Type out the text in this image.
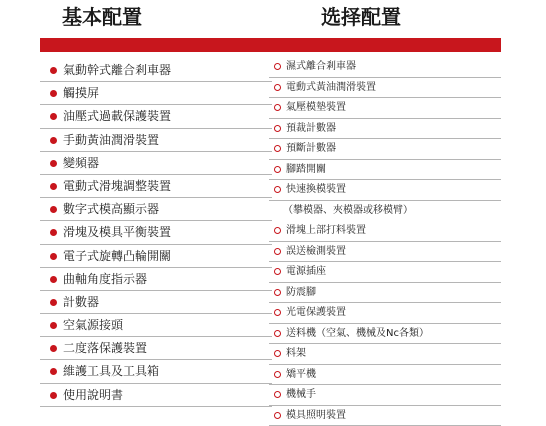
基本配置
氣動幹式離合剎車器
觸摸屏
油壓式過載保護裝置
手動黃油潤滑裝置
變頻器
電動式滑塊調整裝置
數字式模高顯示器
滑塊及模具平衡裝置
電子式旋轉凸輪開關
曲軸角度指示器
計數器
空氣源接頭
二度落保護裝置
維護工具及工具箱
使用說明書
选择配置
濕式離合剎車器
電動式黃油潤滑裝置
氣壓模墊裝置
預裁計數器
預斷計數器
腳踏開關
快速換模裝置
（攀模器、夾模器或移模臂）
滑塊上部打料裝置
誤送檢測裝置
電源插座
防震腳
光電保護裝置
送料機（空氣、機械及Nc各類）
料架
矯平機
機械手
模具照明裝置
